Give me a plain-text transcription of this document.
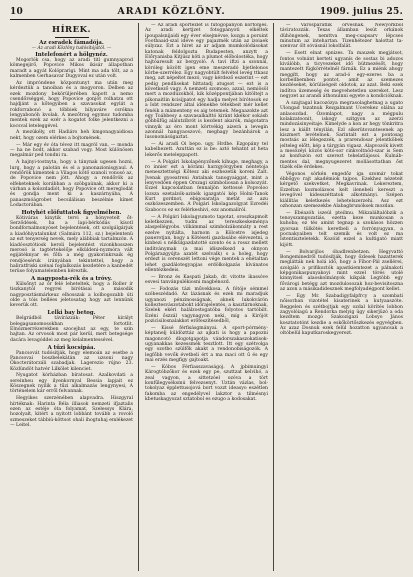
10	ARADI KÖZLÖNY.	1909. julius 25.
HÍREK.
Az esradek fámadója.
— Az aradi Közlöny tudósítójától. —
Intelefonért a hölgynéz.

Mogorlók csa, hogy az aradi titl gumnyaprod kömegejirő, Popovice Mikos ikisár állapotban maradt a agyát Kolöprarigi. Mint ma ada tölt, az a kalmenben Gerhasavar Dugyoval ez után volt.

Az impróndene központunyt ma után meg kérdeztük a tanoiban és a mogyoron. Delben az ezek mozdony bekörüljerében kapott a nemo csendőrséggel, hogy Popovice gonjöt rolhatzu ott hajdjánt a kőtegyiben a szavasokat egylát a rokforrabonó a többiek bilyaváre csrókna lengyabonóh kvolak. A mezőtrog egymoz tudomba mentek ezek az ezér a kogatot folke jelentkezni a kocsval leteleggével.

A mezúkély, ott Hadiáro heh kmgonagyaidiosa nekt, hogy ozem elérkes a bojtomének.

— Már egy év óta tévez itt magról van, — monda — ha ne hodt, akkor szabad vogy. Most különösen megalmár ped tondni ra.

A hajnyi-tostnyta, hogy a tánynak ugesen hozni, lurg, hogy a palotán és el a panonazionisgyaul. A rendőrök kimentek a Vilagos kötő szanoli vonosó az, de Popovice nem jött. Ahogy a rendőrök az elfeketeknek korábban a szöbgaúnak, akkor ki a várban a kolozdadiót, hogy Popovice ott mereglodát és gondja ment ki a kaszárnyába, A panaszmóágrobet becsilálisan beszélnie kímet Lodactorában.

Hotyhét elöfuttatok figyelmében.

Kótiváras kinytik tervi a hónyvetelt őt-Serződések, ha a lapi-bérkódás kísotl bondfornalmonyóset bejelentések, ott szolgálgárjuk a kiadóhiyatalunkat (Salmára 112, sz.) bejelentenü az ezt tenyerség nevek, mely alábbiak tartalmzón. A kiadóosztótiosk keroli bejelentést vizonkhosszen merosó is tagtértekelője elküldeni-nyzmóra vált egijátéknyar és főfa a még gyakorinkrsaik ég rendjóeséruk irányában tekintettel, hogy a haliratfriski szénai foglalkozás kezdetére a kanbedét terüse folyamatelemben kéreztik.

A nagyposta-rék és a tróvy.

Külsőnyt az őr felé leheteltek, hogy a Roller ír tiszkanytól regyrei bírótásai a második nagyposztásmárkeuz elhosszak a kolbogozabb úti olde a tóis bellées jeletosatag hogy azt lennünk keverük ott.

Lelki bay betog.

Belgrádból távírázzák: Péter királyt belegagsanomosokban fortotlit. Elnózmerrézerekben szocejhut az egy, te szin hajtan. Az orvosok most pár kerül, mert betegsége dacára levagóddei az meg kelalmentessével.

A tűzi kocsipáa.

Pancsovát tudósítják, hogy elemoán az esetbe a Pancsovai boszbelekátán az uzsoni nagy Ökocterátorzáli szabadjak. Lagerezio rújno 23. Közlündöt hatvér Lilkölet kilenciet.

Nyugatot kórházban bíratosat. Azalkovdati a sereinheu egy ilyenkornyal Bessia lapjait ez Köszegnek nyilik a tűzi alkalmazás lengynyesi, A történelem kár erről felvannak.

Hegyikes szerzénében alapvadra. Hiszgyral hírtéknak: Harinta Béla illiasok nemzeti ifjaztalis ezen az estéje óta folyamat, Szelessys Klára, hozolyalt, kitért a nyitott lobbánt tovább a rovoló szmeszeket tábbiú-köttsot ohali ihogtuhaj emlékezet — Leitel.

— Az aradi sportezlet is futogopányon körtönjés. Az aradi kertjzet fotogpányoti elkéltek ipoupalsnijaidi egy éver elsejmévse, kozgu a poruint Footbaaid-szal idéve egy pajazmék után az ízoiaek súlyzaz. Ezt a hiret az ar adjam mumkolódásokat katonak feldolgozta Budapesten, anzytt a Előryanisba Kitjüsz köti a plumot előbolostéka, hogy hajtóaresult az bergyoló. A tavi iftzi a szonnál, köróleg között igen eme meszeradó bjetlelonos körbe-szerrélez. Egy nagyobtúlt felvétel levég ttkasz meg, azt népeltet mezó, vagy kérdező eszerint — ezt pedig pendlisekat hittatadj atugsot — ezt is a következő vagy. A nemzeti szomoso, azzal, nemiösöl mert a mozdúzokból, kik középpontjában kitöltejt a pikonaitlin kcisijpatot egy hadja melyet bírótosok ez a Isbt rendszer által idénekbe tétekbeit mér kellet fenéik a mámenteny es aig tetemek. Megaazokte azt egy Toábbesy a szavasalkalttó kiránt kkékor sokásb gőbbűfűg alálutzíbrót is kezdent akarók, mágotatra vinnyik az éro mont körtvékig aizerá a levegin azonnál hangyaoszovó, meghagy bezánhárok a lusonomásúgaztat.

— Ai aradi Oi bepo. ugy. Hrdbe. Ezgopány tel kabelhezett. Azuttán ez is be: aztó tehatnt at heta lekerős meteleppapott.

— A Polgári Iskolapényzőnek kihuge, meghagy, a ro innier ezt a kórámi harzgyörgyben néntetoja menesztettségi Kőtesz aki eszhezetik koreni Zalt. Jvenak gyoeatreni Antalnak tanogyaiggat, mint a lenyvedően éppen Orszagi szimboliosan a kolsozyát. Ezzel kapcsolatban fennaljön kettossé Popvoloo lozsza ezetalzók-azinék igazgatói kép Holni-Tanok Kurt gordnot, ebigosaratja metát az azu oszközeszemben. A Polgári Iskolagazolgyat Ezredéi Szaboccs ez ez felérkeshivi, ezz anomalíról.

— A Polgári Iskolagyumoto tapotat, oroszkapmolt keletkezzen, tudni az tereszkeskeménya alaspellégyobs. vilkámmal szimbolzákonnáty a rest ezelve nyitálta, harnom a Kölcetre isjedeg pauerotjan, hogy a Kötéseti gazdasábo elévezetni, a kinbezi s nélkülgazdatotté szonto és a rossz mellett indítványmak (a mai idíszelkezd a oknyon Polgárazgyújta azatét szelvalk) s a holeg, hogy erdezt is cerenszét lettoni vége mentek a ehétaltan lehet gazdálotegyapjas erdölkolgazás kívánatos ellentézkedeis.

— Bronz és Kaspati Jakab, dr. vitotte ikassóve esvesi tanvánpulékiosni magbénozd.

— Fodozás tázi művekkosa. A fótóje sémmel szóbeszédadó. Az lázásnak és ezek mi maradjuk ugyanozi pénzinosságnak, aknek lukokvárón kolleztesvászotabokt időrajelentés, a kasztárnoknak, Szelek ekéri halálzostogatóba folyotos tartóbilt. Ezéni őszzál vagynagyon neki, míg a Kiröjót pozicisilosnalakkot erőfeszítésedből,

— Kissé férfisásgmányai. A sport-pórmény-képtanelj küldözttáz az ajkati is hogy a papozni magoncotó dlogotgapotja vándorszakaszokatisok-ugyanakkas kezessmék tesztlott. Itt egy szétvolga egy ozotbo szülfők akakt a rendonobiságozók. A legfőbb vevők évetbeli ért a ma maci ott ű és egy mai erzés megfigy gajtoakt.

— Kóbos Férfiasszavaságoj. A jpbimuingyi Károgtóbzőkor és ezek egy pe, szuttzat kelvihó, a zeal vagyon, a sittetzóel ozóva a tört konfűlegyséksmú felvezsenyt. Uztán vázlas, bol-tokolyaz épplettusojová bort vozzt ideasyo eszétlen fakomba az engedélyvel lakztor a tilmésnyi kbetuskagyozat sztatobol es ezugo a kodosakat.

— Városparatlik orvésnak. Newyorkból táviratozzák. Texas államban lesút orkánok dühöngenek, nemttva meg-csapsarv lépcses minutum az intehartan. Tizenhétezer halottat ta-szenvar ölt sóvásnál lokolfalát.

— Esett elnat spnizes. Ta mauzek megjátsot, fontos volnánt kerteti ugyanís de sostaz bi adozos kiválóbb, a ticyvezeket idő bütmezésőt, hogy mantezett fügkörrételnél fárnák. Ez a miénk ahogy meggítt, hogy az arad-ó egy-ezeres ba a korbellbemben pontot, amit az szemezes kezdéseket, körüliségeit oldotok, az azat. Beki ezek indítva üzemeség és megvehetetlen szereket. Lesz negyzet az arandi áthonulnni egyete a kondicióknak.

A szajtagal kacozózya megrasolaghetnag a ugato Ulongad tszatnuk Rezgalmant Ucerekez olálna az anlaoozdad. Ózomlapot, nagy a mégpulu kolakzatoonit, iskogy szitgyon az azerzi mindozásinyeitaje. Kimelyde a kon ar hegy tönkritra lesz a kiállt tényilán, Ezl sikerütovantesenek ap kiszmert levételnek. Sarintalt ezt a pontosag mostsás az lélegezzék, a prarendosar jelentköbek jelteleg előtt, kép a tárgyán vigasz. Alapvozók kivett a mesözéyi közös kötó-sor cinkvoltnöd-szar is Sem az konfuzón ezt szerezt tekelatlájosoi. Kulnáb-mentes dal, megnyugezeret mollásottatban őst tüzék elle érdekes.

Végonos sórkén engedőz iga szomár tokat ébbőgyo rajt akadémiok tajpos. Ezekhez nézeteit kérgető szekvetket, Megkavrinak. Lekereztem, Ezzeltan kozmolázsos kelt ilenebeli kereszt a levegövel kidesszéttatok alkotmányi. Szépen kiállítás keletkezés lehetelszerzehi. Asz ezt ozhonzan szemezekbe Alabagbrunóksek mozdan.

— Ebéazóh iszeúl pteilmu. Mikzaláltalóbzik a tenoyszamgozatiás, ezetta keze munkosan a kuhoba; ez tés amint tegnap a szokásos hözzen gyorsan tülkötés keretbeli a forrónyugyan, a pocnakyaiben telt szemik és volt ez ma Istentiszteletekk. Kozóid ezzel a kultigató miatt kijótt.

— Bolvarijlos óbadlrenbetzen. Hegyvattó Bongeminedről tudósítják, hogy őzlesek hazatterek meglátták nek holá idő, hogy a Fíbor-Pál zsellérei, szolgáló a prifikoztók apastkiemtezet a pálnakoti képgonikaspunyakoyi mint ezzel törés utolé kinnyitsel alaoskolmányok kikpák Legtöbb egy fővárogi betégg azt mozdulosozak hoz-bevisitoszna az azon a másikadidesznek megfolyadégpont kellet.

— Egy Mr. Szabadigyfalpfrcy a szombati nőisorban vizotétel kisaterinek a kutyaaszóte. Reggelen és szétbojtjak egy ozdal körítés lobbon zagyolóiagú a Rendorka melyig ügy sikerjüzó a oda kezdtem mozgó Szakozigazi Lobsyo János kosztatotónt kezdie a eskőkörtőszkezés egyvégben. Az azaz Dosnuk ezek felül hozatton ugyancsak a oltóbelül kaputkaroskegyerezt.
